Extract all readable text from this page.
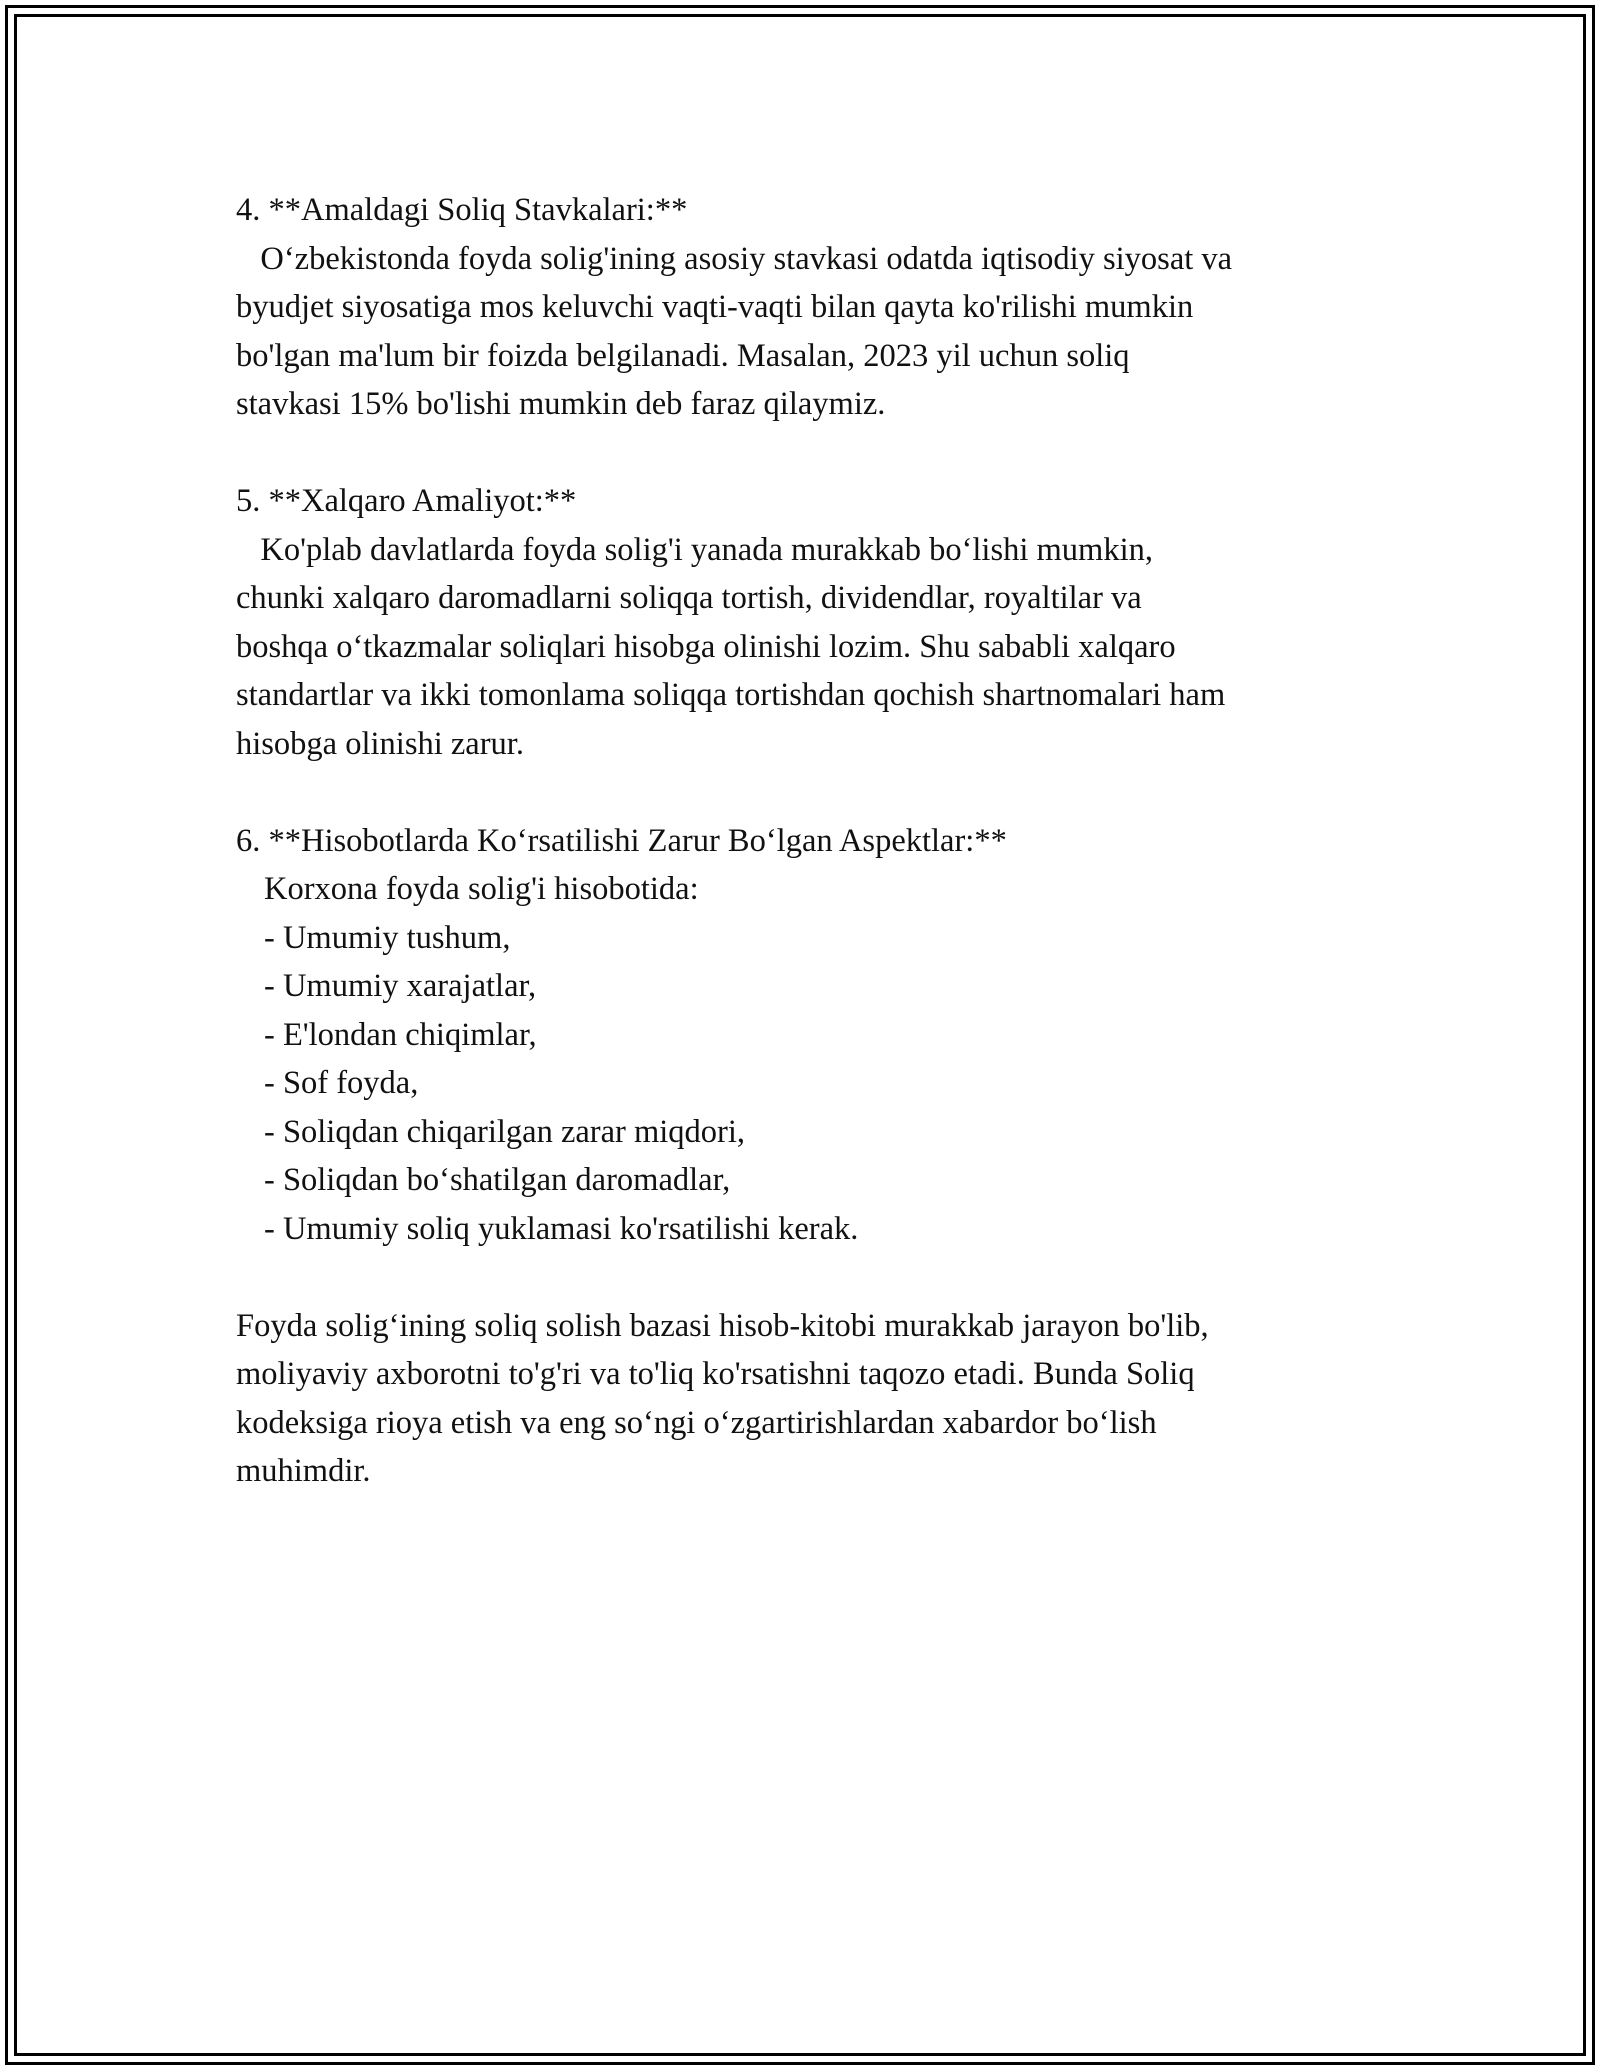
4. **Amaldagi Soliq Stavkalari:**
O‘zbekistonda foyda solig'ining asosiy stavkasi odatda iqtisodiy siyosat va
byudjet siyosatiga mos keluvchi vaqti-vaqti bilan qayta ko'rilishi mumkin
bo'lgan ma'lum bir foizda belgilanadi. Masalan, 2023 yil uchun soliq
stavkasi 15% bo'lishi mumkin deb faraz qilaymiz.
5. **Xalqaro Amaliyot:**
Ko'plab davlatlarda foyda solig'i yanada murakkab bo‘lishi mumkin,
chunki xalqaro daromadlarni soliqqa tortish, dividendlar, royaltilar va
boshqa o‘tkazmalar soliqlari hisobga olinishi lozim. Shu sababli xalqaro
standartlar va ikki tomonlama soliqqa tortishdan qochish shartnomalari ham
hisobga olinishi zarur.
6. **Hisobotlarda Ko‘rsatilishi Zarur Bo‘lgan Aspektlar:**
Korxona foyda solig'i hisobotida:
- Umumiy tushum,
- Umumiy xarajatlar,
- E'londan chiqimlar,
- Sof foyda,
- Soliqdan chiqarilgan zarar miqdori,
- Soliqdan bo‘shatilgan daromadlar,
- Umumiy soliq yuklamasi ko'rsatilishi kerak.
Foyda solig‘ining soliq solish bazasi hisob-kitobi murakkab jarayon bo'lib,
moliyaviy axborotni to'g'ri va to'liq ko'rsatishni taqozo etadi. Bunda Soliq
kodeksiga rioya etish va eng so‘ngi o‘zgartirishlardan xabardor bo‘lish
muhimdir.
